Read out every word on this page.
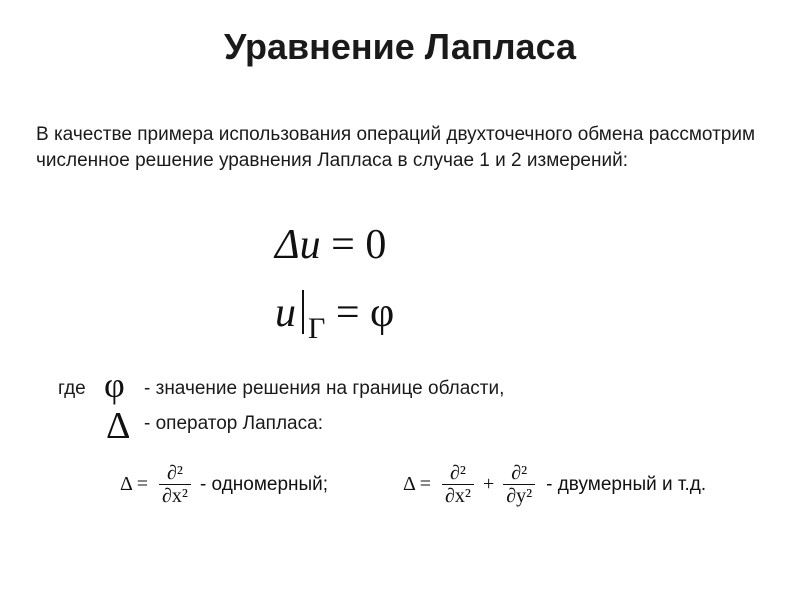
Уравнение Лапласа
В качестве примера использования операций двухточечного обмена рассмотрим численное решение уравнения Лапласа в случае 1 и 2 измерений:
Δu = 0
u $_\Gamma$ = φ
где φ - значение решения на границе области,
Δ - оператор Лапласа:
$\Delta = \frac{\text{∂²}}{\text{∂x²}}$ - одномерный;	$\Delta = \frac{\text{∂²}}{\text{∂x²}} + \frac{\text{∂²}}{\text{∂y²}}$ - двумерный и т.д.
